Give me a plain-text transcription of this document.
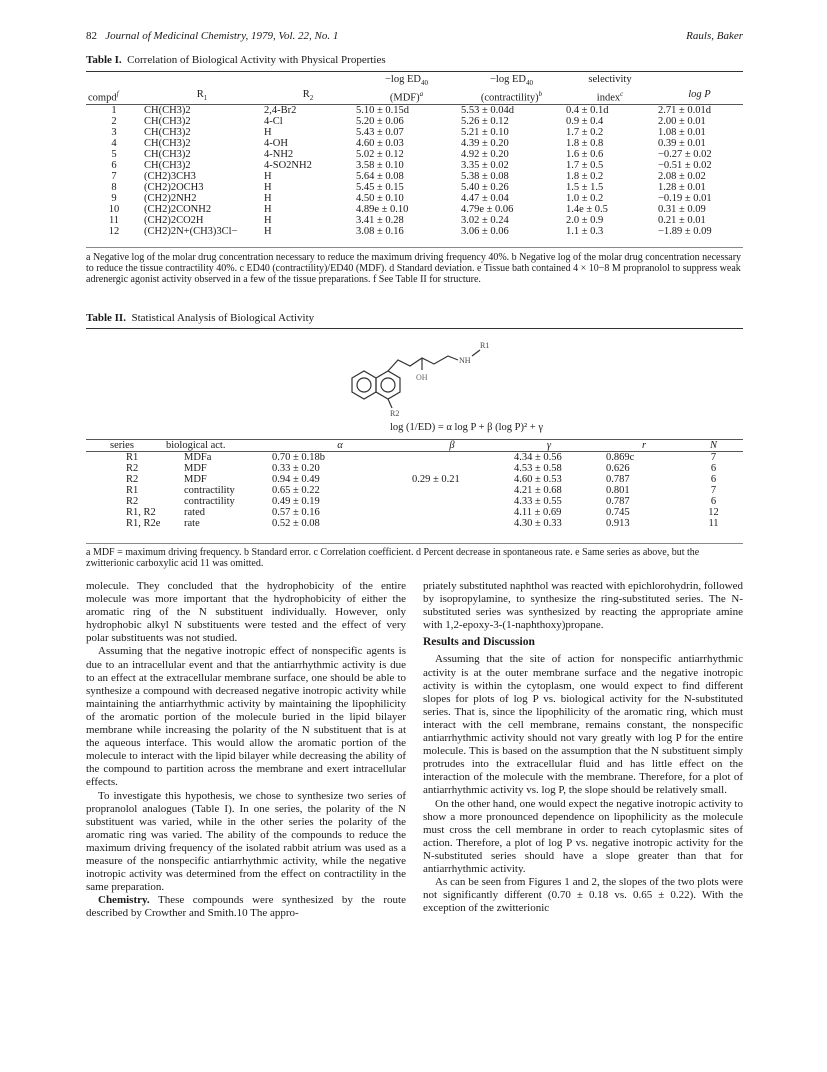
82 Journal of Medicinal Chemistry, 1979, Vol. 22, No. 1	Rauls, Baker
Table I. Correlation of Biological Activity with Physical Properties
			−log $ED_{40}$	−log $ED_{40}$	selectivity	
compd$^f$	$R_1$	$R_2$	(MDF)$^a$	(contractility)$^b$	index$^c$	log P
1	CH(CH3)2	2,4-Br2	5.10 ± 0.15d	5.53 ± 0.04d	0.4 ± 0.1d	2.71 ± 0.01d
2	CH(CH3)2	4-Cl	5.20 ± 0.06	5.26 ± 0.12	0.9 ± 0.4	2.00 ± 0.01
3	CH(CH3)2	H	5.43 ± 0.07	5.21 ± 0.10	1.7 ± 0.2	1.08 ± 0.01
4	CH(CH3)2	4-OH	4.60 ± 0.03	4.39 ± 0.20	1.8 ± 0.8	0.39 ± 0.01
5	CH(CH3)2	4-NH2	5.02 ± 0.12	4.92 ± 0.20	1.6 ± 0.6	−0.27 ± 0.02
6	CH(CH3)2	4-SO2NH2	3.58 ± 0.10	3.35 ± 0.02	1.7 ± 0.5	−0.51 ± 0.02
7	(CH2)3CH3	H	5.64 ± 0.08	5.38 ± 0.08	1.8 ± 0.2	2.08 ± 0.02
8	(CH2)2OCH3	H	5.45 ± 0.15	5.40 ± 0.26	1.5 ± 1.5	1.28 ± 0.01
9	(CH2)2NH2	H	4.50 ± 0.10	4.47 ± 0.04	1.0 ± 0.2	−0.19 ± 0.01
10	(CH2)2CONH2	H	4.89e ± 0.10	4.79e ± 0.06	1.4e ± 0.5	0.31 ± 0.09
11	(CH2)2CO2H	H	3.41 ± 0.28	3.02 ± 0.24	2.0 ± 0.9	0.21 ± 0.01
12	(CH2)2N+(CH3)3Cl−	H	3.08 ± 0.16	3.06 ± 0.06	1.1 ± 0.3	−1.89 ± 0.09
a Negative log of the molar drug concentration necessary to reduce the maximum driving frequency 40%. b Negative log of the molar drug concentration necessary to reduce the tissue contractility 40%. c ED40 (contractility)/ED40 (MDF). d Standard deviation. e Tissue bath contained 4 × 10−8 M propranolol to suppress weak adrenergic agonist activity observed in a few of the tissue preparations. f See Table II for structure.
Table II. Statistical Analysis of Biological Activity
OH
NH
R1
R2
log (1/ED) = α log P + β (log P)² + γ
series	biological act.	α	β	γ	r	N
R1	MDFa	0.70 ± 0.18b		4.34 ± 0.56	0.869c	7
R2	MDF	0.33 ± 0.20		4.53 ± 0.58	0.626	6
R2	MDF	0.94 ± 0.49	0.29 ± 0.21	4.60 ± 0.53	0.787	6
R1	contractility	0.65 ± 0.22		4.21 ± 0.68	0.801	7
R2	contractility	0.49 ± 0.19		4.33 ± 0.55	0.787	6
R1, R2	rated	0.57 ± 0.16		4.11 ± 0.69	0.745	12
R1, R2e	rate	0.52 ± 0.08		4.30 ± 0.33	0.913	11
a MDF = maximum driving frequency. b Standard error. c Correlation coefficient. d Percent decrease in spontaneous rate. e Same series as above, but the zwitterionic carboxylic acid 11 was omitted.

molecule. They concluded that the hydrophobicity of the entire molecule was more important that the hydrophobicity of either the aromatic ring of the N substituent individually. However, only hydrophobic alkyl N substituents were tested and the effect of very polar substituents was not studied.

Assuming that the negative inotropic effect of nonspecific agents is due to an intracellular event and that the antiarrhythmic activity is due to an effect at the extracellular membrane surface, one should be able to synthesize a compound with decreased negative inotropic activity while maintaining the antiarrhythmic activity by maintaining the lipophilicity of the aromatic portion of the molecule buried in the lipid bilayer membrane while increasing the polarity of the N substituent that is at the aqueous interface. This would allow the aromatic portion of the molecule to interact with the lipid bilayer while decreasing the ability of the compound to partition across the membrane and exert intracellular effects.

To investigate this hypothesis, we chose to synthesize two series of propranolol analogues (Table I). In one series, the polarity of the N substituent was varied, while in the other series the polarity of the aromatic ring was varied. The ability of the compounds to reduce the maximum driving frequency of the isolated rabbit atrium was used as a measure of the nonspecific antiarrhythmic activity, while the negative inotropic activity was determined from the effect on contractility in the same preparation.

Chemistry. These compounds were synthesized by the route described by Crowther and Smith.10 The appro-

priately substituted naphthol was reacted with epichlorohydrin, followed by isopropylamine, to synthesize the ring-substituted series. The N-substituted series was synthesized by reacting the appropriate amine with 1,2-epoxy-3-(1-naphthoxy)propane.

Results and Discussion

Assuming that the site of action for nonspecific antiarrhythmic activity is at the outer membrane surface and the negative inotropic activity is within the cytoplasm, one would expect to find different slopes for plots of log P vs. biological activity for the N-substituted series. That is, since the lipophilicity of the aromatic ring, which must interact with the cell membrane, remains constant, the nonspecific antiarrhythmic activity should not vary greatly with log P for the entire molecule. This is based on the assumption that the N substituent simply protrudes into the extracellular fluid and has little effect on the interaction of the molecule with the membrane. Therefore, for a plot of antiarrhythmic activity vs. log P, the slope should be relatively small.

On the other hand, one would expect the negative inotropic activity to show a more pronounced dependence on lipophilicity as the molecule must cross the cell membrane in order to reach cytoplasmic sites of action. Therefore, a plot of log P vs. negative inotropic activity for the N-substituted series should have a slope greater than that for antiarrhythmic activity.

As can be seen from Figures 1 and 2, the slopes of the two plots were not significantly different (0.70 ± 0.18 vs. 0.65 ± 0.22). With the exception of the zwitterionic
